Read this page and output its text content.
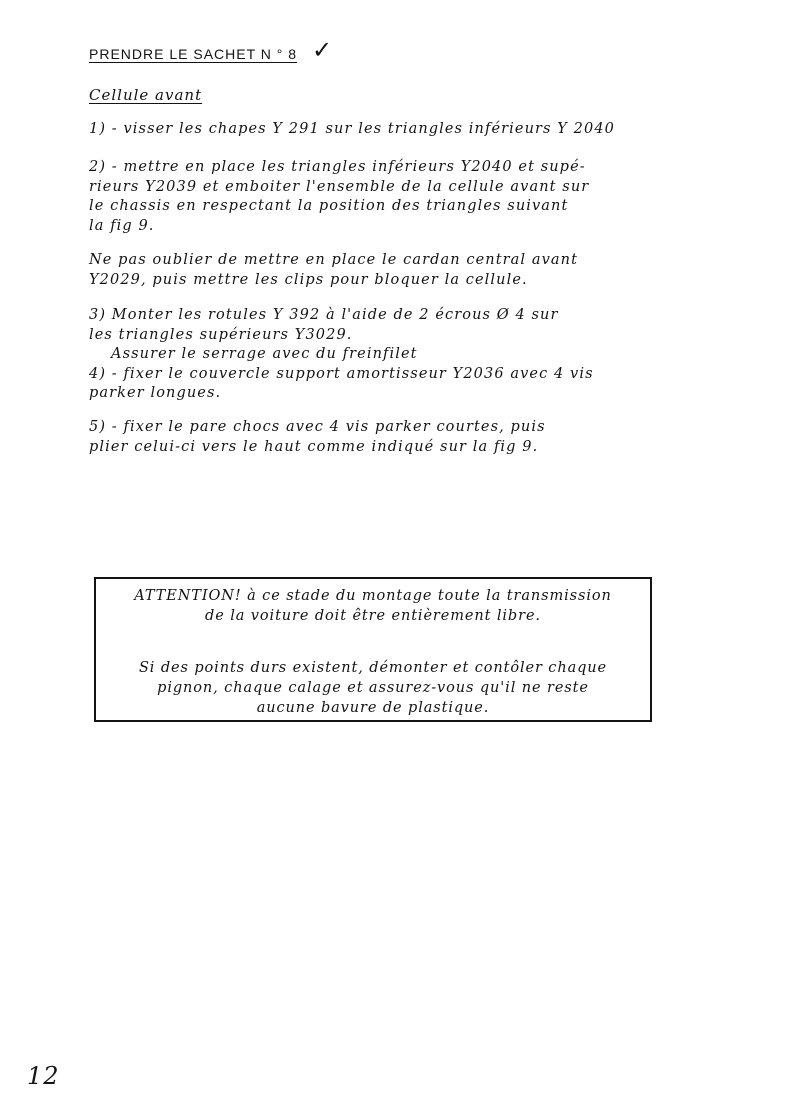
PRENDRE LE SACHET N ° 8 ✓
Cellule avant
1) - visser les chapes Y 291 sur les triangles inférieurs Y 2040
2) - mettre en place les triangles inférieurs Y2040 et supé-
rieurs Y2039 et emboiter l'ensemble de la cellule avant sur
le chassis en respectant la position des triangles suivant
la fig 9.
Ne pas oublier de mettre en place le cardan central avant
Y2029, puis mettre les clips pour bloquer la cellule.
3) Monter les rotules Y 392 à l'aide de 2 écrous Ø 4 sur
les triangles supérieurs Y3029.
Assurer le serrage avec du freinfilet
4) - fixer le couvercle support amortisseur Y2036 avec 4 vis
parker longues.
5) - fixer le pare chocs avec 4 vis parker courtes, puis
plier celui-ci vers le haut comme indiqué sur la fig 9.
ATTENTION! à ce stade du montage toute la transmission
de la voiture doit être entièrement libre.
Si des points durs existent, démonter et contôler chaque
pignon, chaque calage et assurez-vous qu'il ne reste
aucune bavure de plastique.
12
